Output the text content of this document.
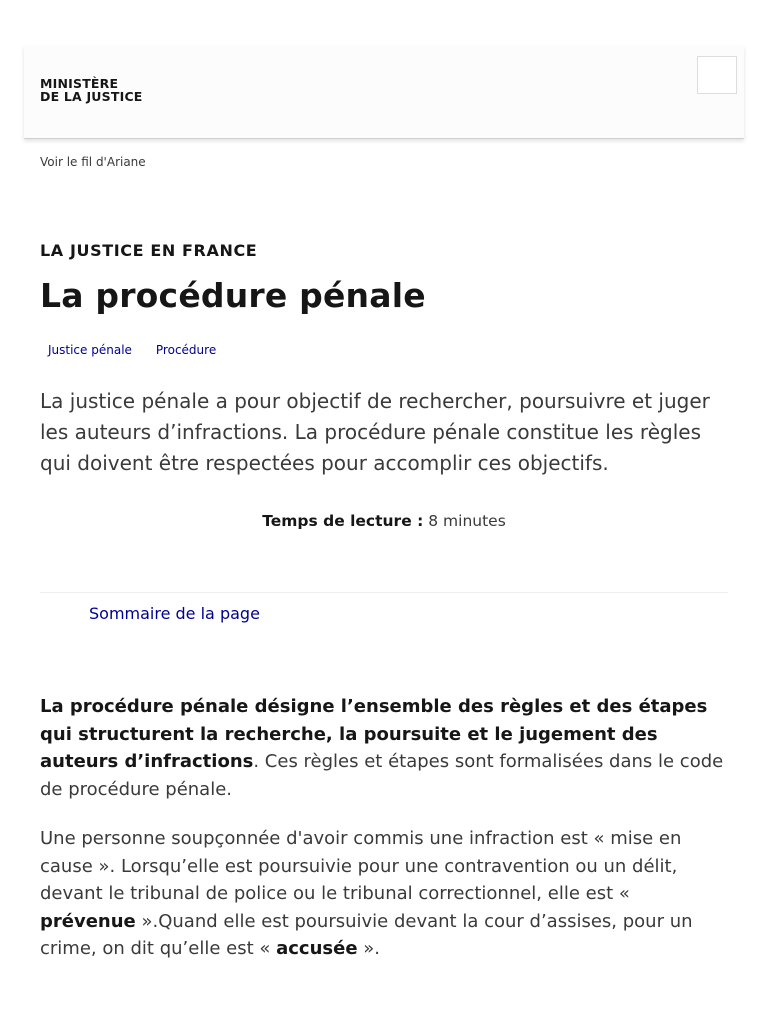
MINISTÈRE
DE LA JUSTICE
Voir le fil d'Ariane
LA JUSTICE EN FRANCE
La procédure pénale
Justice pénale	Procédure

La justice pénale a pour objectif de rechercher, poursuivre et juger les auteurs d’infractions. La procédure pénale constitue les règles qui doivent être respectées pour accomplir ces objectifs.

Temps de lecture : 8 minutes
Sommaire de la page

La procédure pénale désigne l’ensemble des règles et des étapes qui structurent la recherche, la poursuite et le jugement des auteurs d’infractions. Ces règles et étapes sont formalisées dans le code de procédure pénale.

Une personne soupçonnée d'avoir commis une infraction est « mise en cause ». Lorsqu’elle est poursuivie pour une contravention ou un délit, devant le tribunal de police ou le tribunal correctionnel, elle est « prévenue ».Quand elle est poursuivie devant la cour d’assises, pour un crime, on dit qu’elle est « accusée ».
